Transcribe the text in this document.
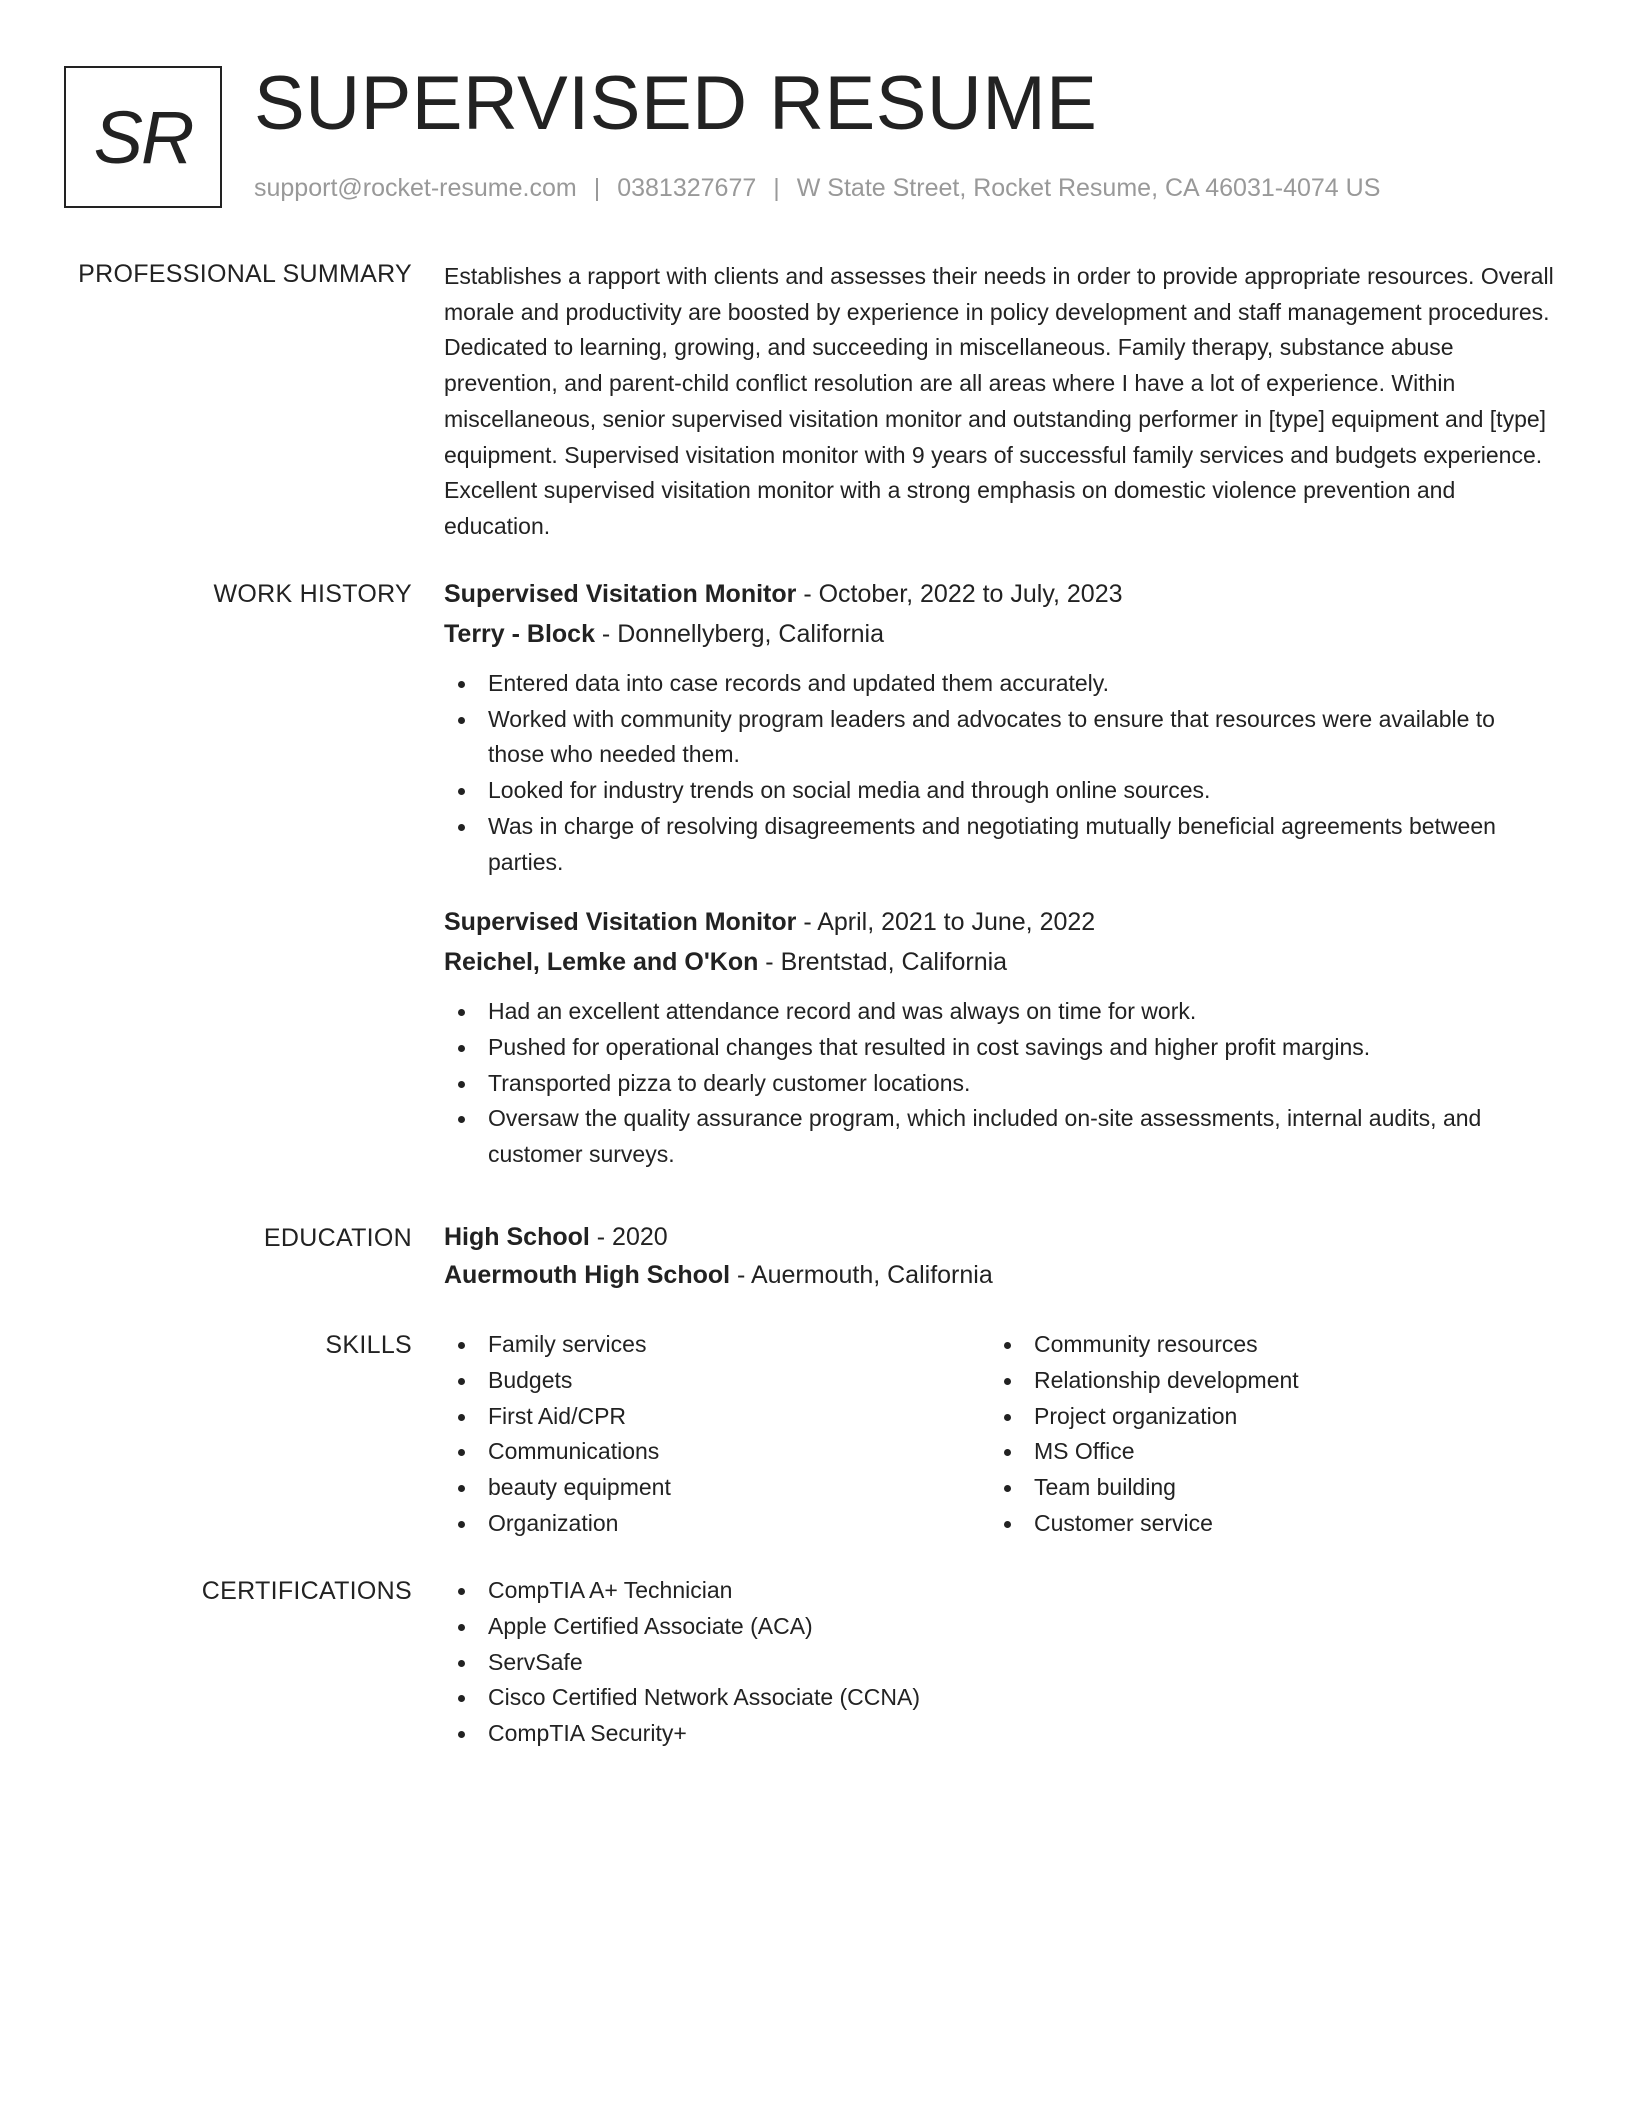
SR SUPERVISED RESUME
support@rocket-resume.com | 0381327677 | W State Street, Rocket Resume, CA 46031-4074 US
PROFESSIONAL SUMMARY Establishes a rapport with clients and assesses their needs in order to provide appropriate resources. Overall morale and productivity are boosted by experience in policy development and staff management procedures. Dedicated to learning, growing, and succeeding in miscellaneous. Family therapy, substance abuse prevention, and parent-child conflict resolution are all areas where I have a lot of experience. Within miscellaneous, senior supervised visitation monitor and outstanding performer in [type] equipment and [type] equipment. Supervised visitation monitor with 9 years of successful family services and budgets experience. Excellent supervised visitation monitor with a strong emphasis on domestic violence prevention and education.

WORK HISTORY Supervised Visitation Monitor - October, 2022 to July, 2023
Terry - Block - Donnellyberg, California
Entered data into case records and updated them accurately.
Worked with community program leaders and advocates to ensure that resources were available to those who needed them.
Looked for industry trends on social media and through online sources.
Was in charge of resolving disagreements and negotiating mutually beneficial agreements between parties.
Supervised Visitation Monitor - April, 2021 to June, 2022
Reichel, Lemke and O'Kon - Brentstad, California
Had an excellent attendance record and was always on time for work.
Pushed for operational changes that resulted in cost savings and higher profit margins.
Transported pizza to dearly customer locations.
Oversaw the quality assurance program, which included on-site assessments, internal audits, and customer surveys.
EDUCATION High School - 2020
Auermouth High School - Auermouth, California
SKILLS	Family services
Budgets
First Aid/CPR
Communications
beauty equipment
Organization
Community resources
Relationship development
Project organization
MS Office
Team building
Customer service
CERTIFICATIONS	CompTIA A+ Technician
Apple Certified Associate (ACA)
ServSafe
Cisco Certified Network Associate (CCNA)
CompTIA Security+
